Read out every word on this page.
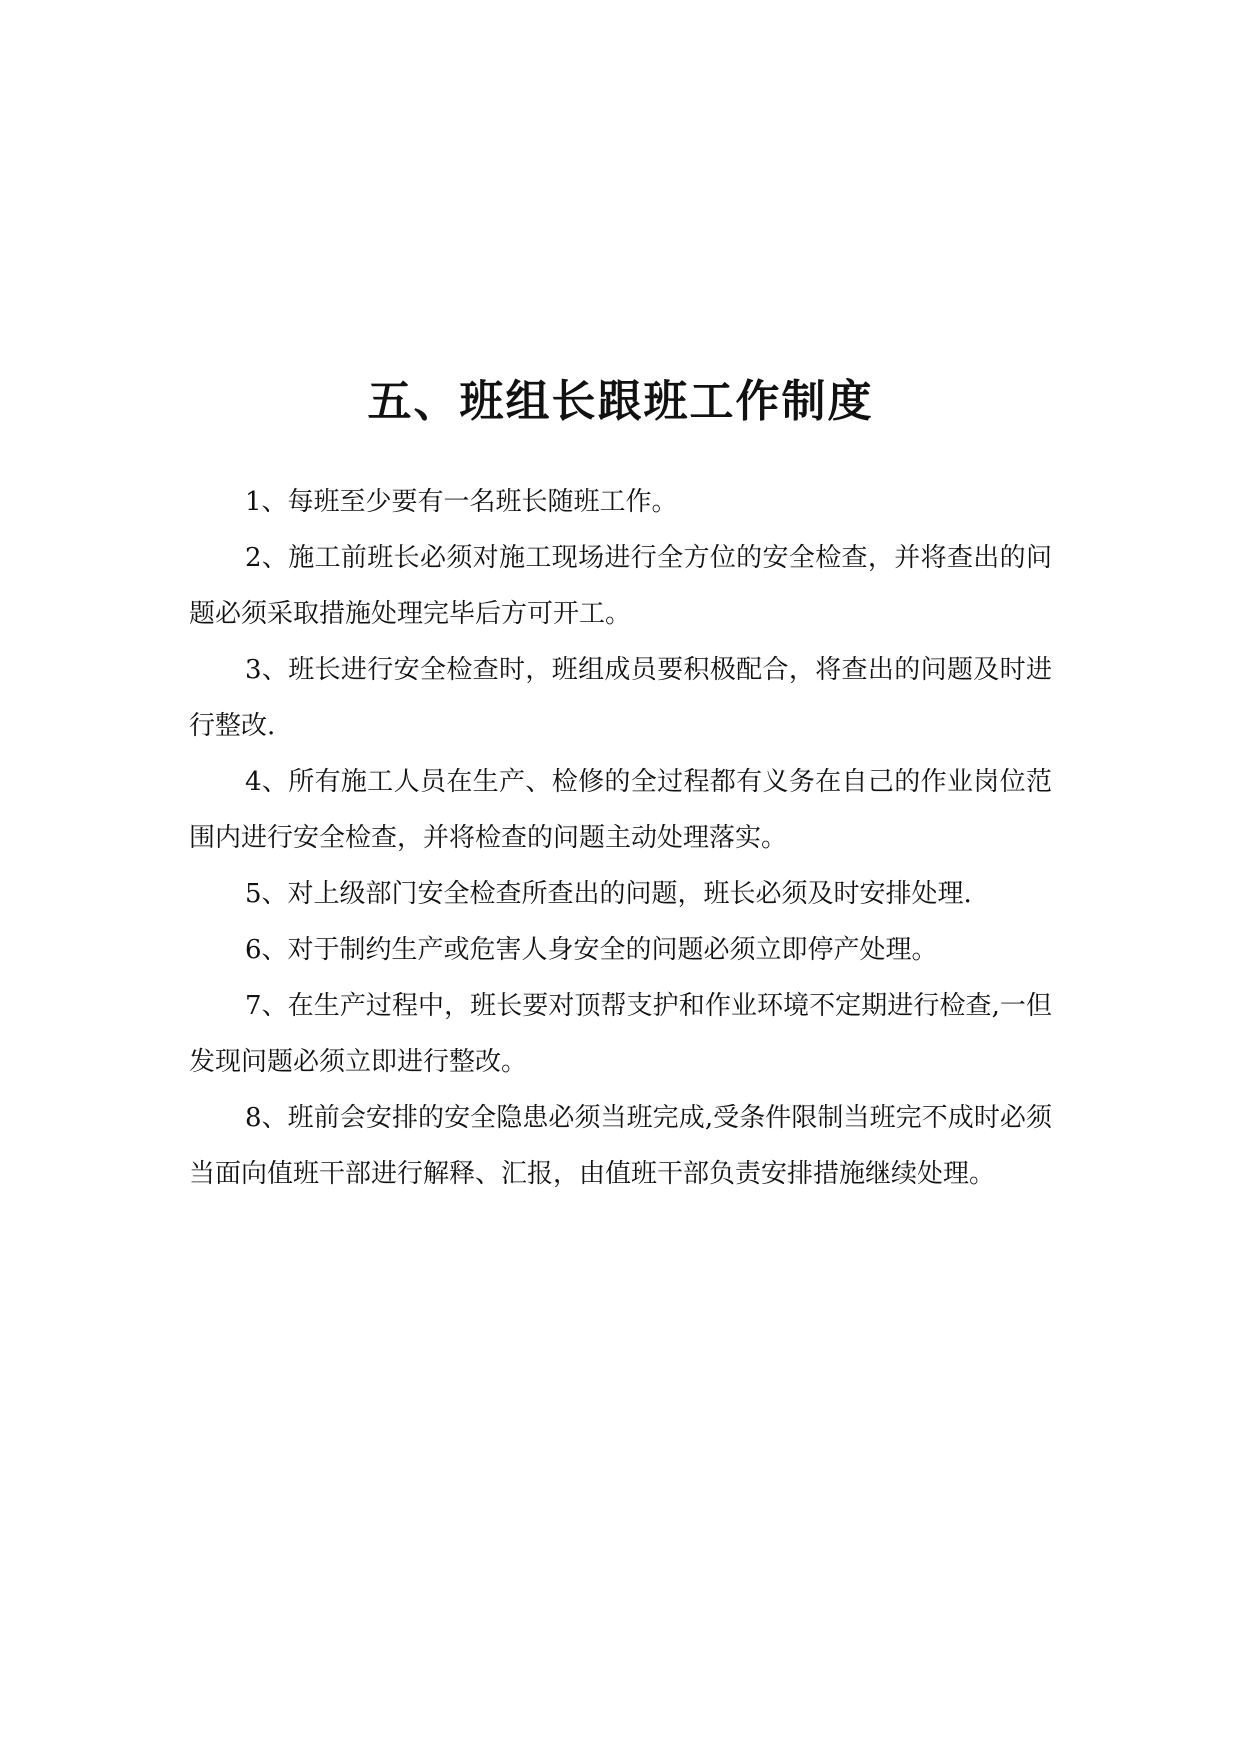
五、班组长跟班工作制度

1、每班至少要有一名班长随班工作。

2、施工前班长必须对施工现场进行全方位的安全检查，并将查出的问题必须采取措施处理完毕后方可开工。

3、班长进行安全检查时，班组成员要积极配合，将查出的问题及时进行整改.

4、所有施工人员在生产、检修的全过程都有义务在自己的作业岗位范围内进行安全检查，并将检查的问题主动处理落实。

5、对上级部门安全检查所查出的问题，班长必须及时安排处理.

6、对于制约生产或危害人身安全的问题必须立即停产处理。

7、在生产过程中，班长要对顶帮支护和作业环境不定期进行检查,一但发现问题必须立即进行整改。

8、班前会安排的安全隐患必须当班完成,受条件限制当班完不成时必须当面向值班干部进行解释、汇报，由值班干部负责安排措施继续处理。
